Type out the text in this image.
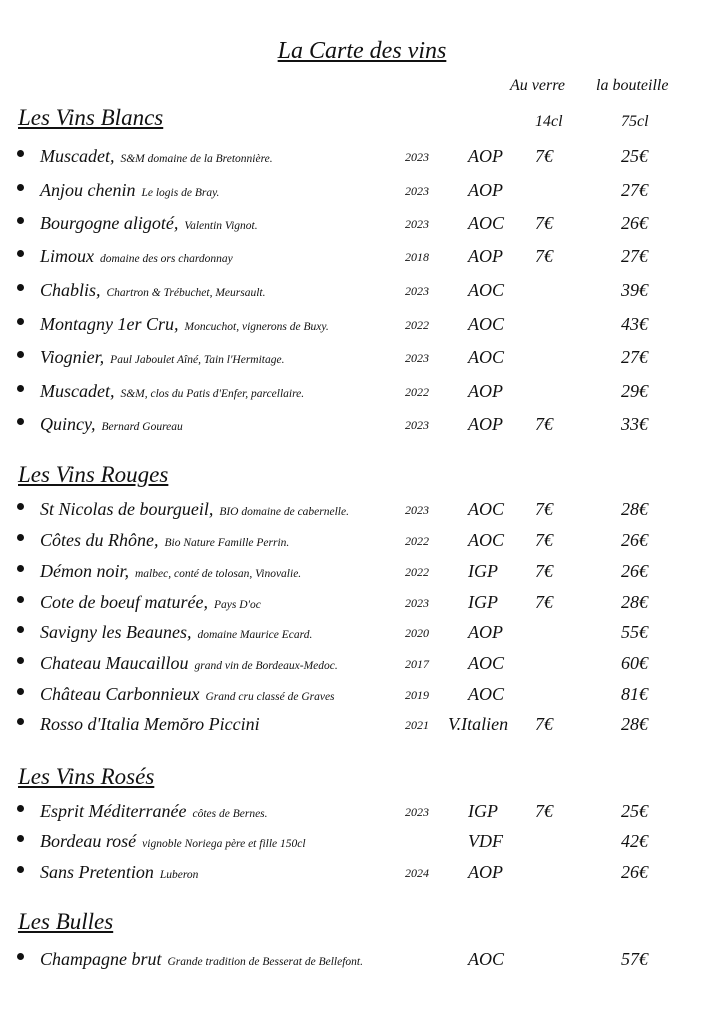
La Carte des vins
Au verre la bouteille
14cl	75cl
Les Vins Blancs
Muscadet, S&M domaine de la Bretonnière.	2023 AOP 7€	25€
Anjou chenin Le logis de Bray.	2023 AOP	27€
Bourgogne aligoté, Valentin Vignot.	2023 AOC 7€	26€
Limoux domaine des ors chardonnay	2018 AOP 7€	27€
Chablis, Chartron & Trébuchet, Meursault.	2023 AOC	39€
Montagny 1er Cru, Moncuchot, vignerons de Buxy.	2022 AOC	43€
Viognier, Paul Jaboulet Aîné, Tain l'Hermitage.	2023 AOC	27€
Muscadet, S&M, clos du Patis d'Enfer, parcellaire.	2022 AOP	29€
Quincy, Bernard Goureau	2023 AOP 7€	33€
Les Vins Rouges
St Nicolas de bourgueil, BIO domaine de cabernelle.	2023 AOC 7€	28€
Côtes du Rhône, Bio Nature Famille Perrin.	2022 AOC 7€	26€
Démon noir, malbec, conté de tolosan, Vinovalie.	2022 IGP 7€	26€
Cote de boeuf maturée, Pays D'oc	2023 IGP 7€	28€
Savigny les Beaunes, domaine Maurice Ecard.	2020 AOP	55€
Chateau Maucaillou grand vin de Bordeaux-Medoc.	2017 AOC	60€
Château Carbonnieux Grand cru classé de Graves	2019 AOC	81€
Rosso d'Italia Memŏro Piccini	2021 V.Italien 7€	28€
Les Vins Rosés
Esprit Méditerranée côtes de Bernes.	2023 IGP 7€	25€
Bordeau rosé vignoble Noriega père et fille 150cl	VDF	42€
Sans Pretention Luberon	2024 AOP	26€
Les Bulles
Champagne brut Grande tradition de Besserat de Bellefont.	AOC	57€
